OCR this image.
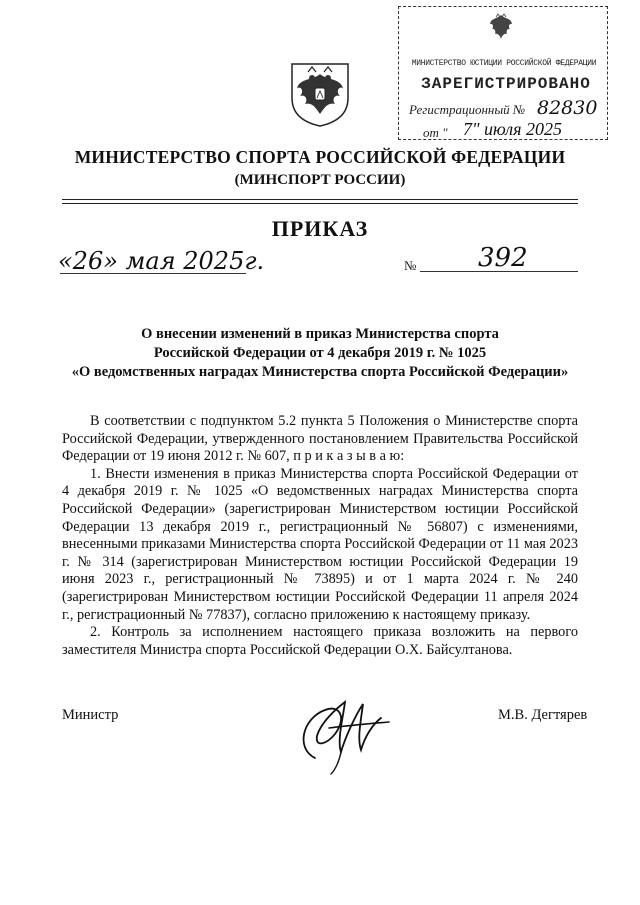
МИНИСТЕРСТВО ЮСТИЦИИ РОССИЙСКОЙ ФЕДЕРАЦИИ
ЗАРЕГИСТРИРОВАНО
Регистрационный № 82830
от " 7" июля 2025
МИНИСТЕРСТВО СПОРТА РОССИЙСКОЙ ФЕДЕРАЦИИ
(МИНСПОРТ РОССИИ)
ПРИКАЗ
«26» мая 2025г.	№ 392
О внесении изменений в приказ Министерства спорта
Российской Федерации от 4 декабря 2019 г. № 1025
«О ведомственных наградах Министерства спорта Российской Федерации»

В соответствии с подпунктом 5.2 пункта 5 Положения о Министерстве спорта Российской Федерации, утвержденного постановлением Правительства Российской Федерации от 19 июня 2012 г. № 607, п р и к а з ы в а ю:

1. Внести изменения в приказ Министерства спорта Российской Федерации от 4 декабря 2019 г. № 1025 «О ведомственных наградах Министерства спорта Российской Федерации» (зарегистрирован Министерством юстиции Российской Федерации 13 декабря 2019 г., регистрационный № 56807) с изменениями, внесенными приказами Министерства спорта Российской Федерации от 11 мая 2023 г. № 314 (зарегистрирован Министерством юстиции Российской Федерации 19 июня 2023 г., регистрационный № 73895) и от 1 марта 2024 г. № 240 (зарегистрирован Министерством юстиции Российской Федерации 11 апреля 2024 г., регистрационный № 77837), согласно приложению к настоящему приказу.

2. Контроль за исполнением настоящего приказа возложить на первого заместителя Министра спорта Российской Федерации О.Х. Байсултанова.

Министр	М.В. Дегтярев
